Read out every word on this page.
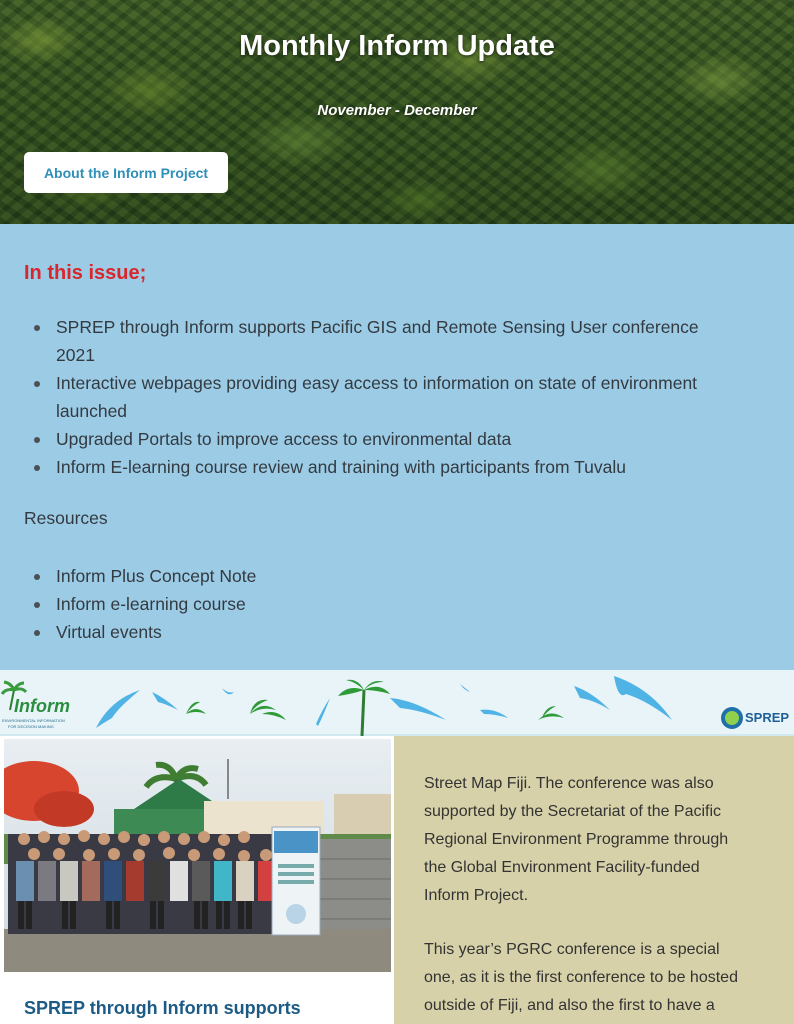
Monthly Inform Update
November - December
About the Inform Project
In this issue;
SPREP through Inform supports Pacific GIS and Remote Sensing User conference
2021
Interactive webpages providing easy access to information on state of environment
launched
Upgraded Portals to improve access to environmental data
Inform E-learning course review and training with participants from Tuvalu
Resources
Inform Plus Concept Note
Inform e-learning course
Virtual events
Inform
ENVIRONMENTAL INFORMATION
FOR DECISION MAKING
SPREP
SPREP through Inform supports
Street Map Fiji. The conference was also
supported by the Secretariat of the Pacific
Regional Environment Programme through
the Global Environment Facility-funded
Inform Project.
This year’s PGRC conference is a special
one, as it is the first conference to be hosted
outside of Fiji, and also the first to have a
